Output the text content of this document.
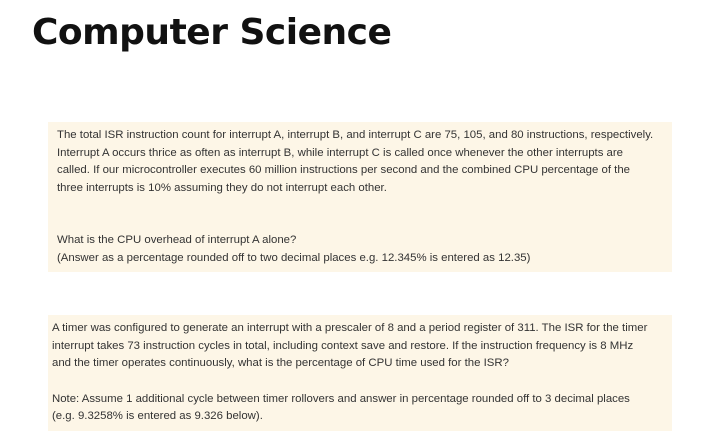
Computer Science

The total ISR instruction count for interrupt A, interrupt B, and interrupt C are 75, 105, and 80 instructions, respectively.

Interrupt A occurs thrice as often as interrupt B, while interrupt C is called once whenever the other interrupts are

called. If our microcontroller executes 60 million instructions per second and the combined CPU percentage of the

three interrupts is 10% assuming they do not interrupt each other.

What is the CPU overhead of interrupt A alone?

(Answer as a percentage rounded off to two decimal places e.g. 12.345% is entered as 12.35)

A timer was configured to generate an interrupt with a prescaler of 8 and a period register of 311. The ISR for the timer

interrupt takes 73 instruction cycles in total, including context save and restore. If the instruction frequency is 8 MHz

and the timer operates continuously, what is the percentage of CPU time used for the ISR?

Note: Assume 1 additional cycle between timer rollovers and answer in percentage rounded off to 3 decimal places

(e.g. 9.3258% is entered as 9.326 below).
